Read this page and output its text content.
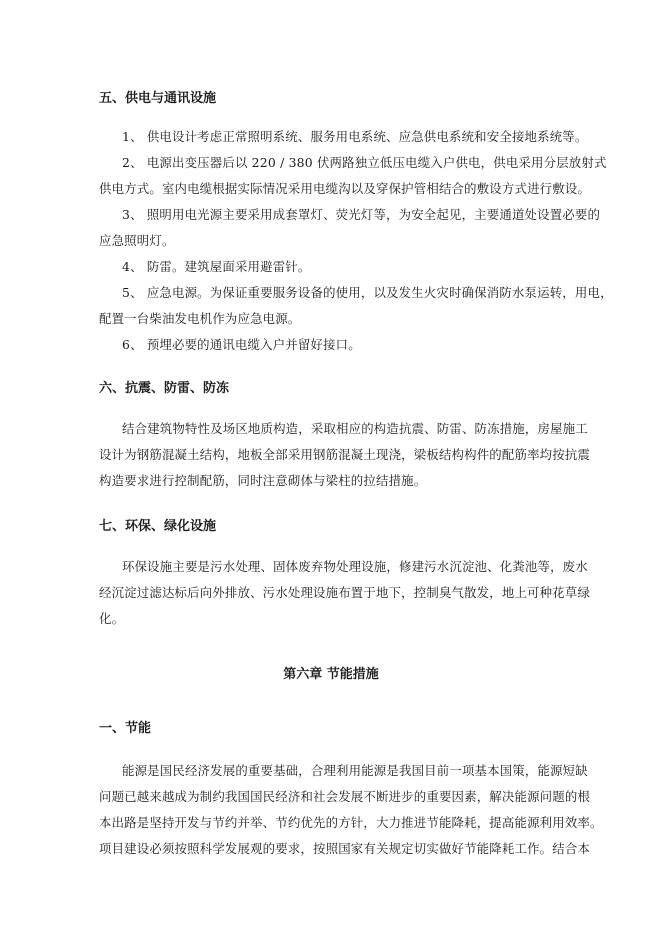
五、供电与通讯设施
1、 供电设计考虑正常照明系统、服务用电系统、应急供电系统和安全接地系统等。
2、 电源出变压器后以 220 / 380 伏两路独立低压电缆入户供电，供电采用分层放射式
供电方式。室内电缆根据实际情况采用电缆沟以及穿保护管相结合的敷设方式进行敷设。
3、 照明用电光源主要采用成套罩灯、荧光灯等，为安全起见，主要通道处设置必要的
应急照明灯。
4、 防雷。建筑屋面采用避雷针。
5、 应急电源。为保证重要服务设备的使用，以及发生火灾时确保消防水泵运转，用电，
配置一台柴油发电机作为应急电源。
6、 预埋必要的通讯电缆入户并留好接口。
六、抗震、防雷、防冻
结合建筑物特性及场区地质构造，采取相应的构造抗震、防雷、防冻措施，房屋施工
设计为钢筋混凝土结构，地板全部采用钢筋混凝土现浇，梁板结构构件的配筋率均按抗震
构造要求进行控制配筋，同时注意砌体与梁柱的拉结措施。
七、环保、绿化设施
环保设施主要是污水处理、固体废弃物处理设施，修建污水沉淀池、化粪池等，废水
经沉淀过滤达标后向外排放、污水处理设施布置于地下，控制臭气散发，地上可种花草绿
化。
第六章 节能措施
一、节能
能源是国民经济发展的重要基础，合理利用能源是我国目前一项基本国策，能源短缺
问题已越来越成为制约我国国民经济和社会发展不断进步的重要因素，解决能源问题的根
本出路是坚持开发与节约并举、节约优先的方针，大力推进节能降耗，提高能源利用效率。
项目建设必须按照科学发展观的要求，按照国家有关规定切实做好节能降耗工作。结合本
